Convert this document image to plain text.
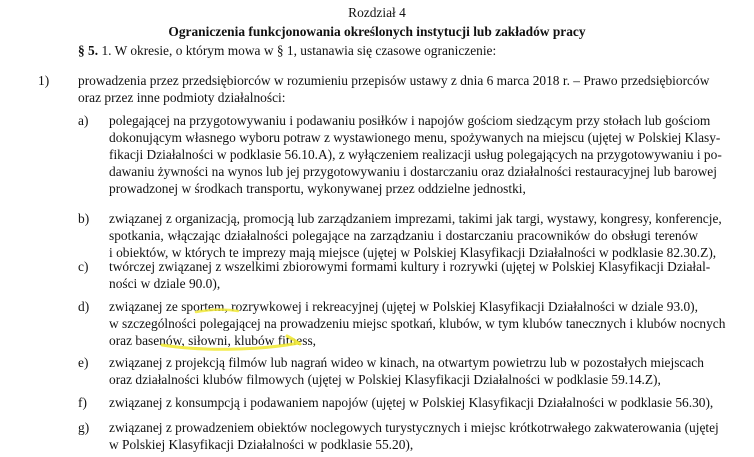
Rozdział 4
Ograniczenia funkcjonowania określonych instytucji lub zakładów pracy
§ 5. 1. W okresie, o którym mowa w § 1, ustanawia się czasowe ograniczenie:
1) prowadzenia przez przedsiębiorców w rozumieniu przepisów ustawy z dnia 6 marca 2018 r. – Prawo przedsiębiorców
oraz przez inne podmioty działalności:
a) polegającej na przygotowywaniu i podawaniu posiłków i napojów gościom siedzącym przy stołach lub gościom
dokonującym własnego wyboru potraw z wystawionego menu, spożywanych na miejscu (ujętej w Polskiej Klasy-
fikacji Działalności w podklasie 56.10.A), z wyłączeniem realizacji usług polegających na przygotowywaniu i po-
dawaniu żywności na wynos lub jej przygotowywaniu i dostarczaniu oraz działalności restauracyjnej lub barowej
prowadzonej w środkach transportu, wykonywanej przez oddzielne jednostki,
b) związanej z organizacją, promocją lub zarządzaniem imprezami, takimi jak targi, wystawy, kongresy, konferencje,
spotkania, włączając działalności polegające na zarządzaniu i dostarczaniu pracowników do obsługi terenów
i obiektów, w których te imprezy mają miejsce (ujętej w Polskiej Klasyfikacji Działalności w podklasie 82.30.Z),
c) twórczej związanej z wszelkimi zbiorowymi formami kultury i rozrywki (ujętej w Polskiej Klasyfikacji Działal-
ności w dziale 90.0),
d) związanej ze sportem, rozrywkowej i rekreacyjnej (ujętej w Polskiej Klasyfikacji Działalności w dziale 93.0),
w szczególności polegającej na prowadzeniu miejsc spotkań, klubów, w tym klubów tanecznych i klubów nocnych
oraz basenów, siłowni, klubów fitness,
e) związanej z projekcją filmów lub nagrań wideo w kinach, na otwartym powietrzu lub w pozostałych miejscach
oraz działalności klubów filmowych (ujętej w Polskiej Klasyfikacji Działalności w podklasie 59.14.Z),
f) związanej z konsumpcją i podawaniem napojów (ujętej w Polskiej Klasyfikacji Działalności w podklasie 56.30),
g) związanej z prowadzeniem obiektów noclegowych turystycznych i miejsc krótkotrwałego zakwaterowania (ujętej
w Polskiej Klasyfikacji Działalności w podklasie 55.20),
